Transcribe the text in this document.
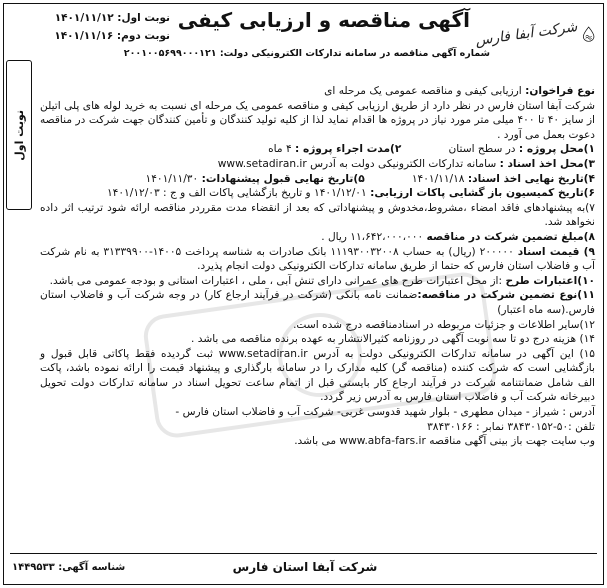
نوبت اول
شرکت آبفا فارس
آگهی مناقصه و ارزیابی کیفی
شماره آگهی مناقصه در سامانه تدارکات الکترونیکی دولت: ۲۰۰۱۰۰۵۶۹۹۰۰۰۱۲۱
نوبت اول: ۱۴۰۱/۱۱/۱۲
نوبت دوم: ۱۴۰۱/۱۱/۱۶

نوع فراخوان: ارزیابی کیفی و مناقصه عمومی یک مرحله ای

شرکت آبفا استان فارس در نظر دارد از طریق ارزیابی کیفی و مناقصه عمومی یک مرحله ای نسبت به خرید لوله های پلی اتیلن از سایز ۴۰ تا ۴۰۰ میلی متر مورد نیاز در پروژه ها اقدام نماید لذا از کلیه تولید کنندگان و تأمین کنندگان جهت شرکت در مناقصه دعوت بعمل می آورد .

۱)محل پروژه : در سطح استان              ۲)مدت اجراء پروژه : ۴ ماه

۳)محل اخذ اسناد : سامانه تدارکات الکترونیکی دولت به آدرس www.setadiran.ir

۴)تاریخ نهایی اخذ اسناد: ۱۴۰۱/۱۱/۱۸              ۵)تاریخ نهایی قبول پیشنهادات: ۱۴۰۱/۱۱/۳۰

۶)تاریخ کمیسیون باز گشایی پاکات ارزیابی: ۱۴۰۱/۱۲/۰۱ و تاریخ بازگشایی پاکات الف و ج : ۱۴۰۱/۱۲/۰۳

۷)به پیشنهادهای فاقد امضاء ،مشروط،مخدوش و پیشنهاداتی که بعد از انقضاء مدت مقرردر مناقصه ارائه شود ترتیب اثر داده نخواهد شد.

۸)مبلغ تضمین شرکت در مناقصه ۱۱،۶۴۲،۰۰۰،۰۰۰ ریال .

۹) قیمت اسناد ۲۰۰۰۰۰ (ریال) به حساب ۱۱۱۹۳۰۰۳۲۰۰۸ بانک صادرات به شناسه پرداخت ۱۴۰۰۵-۳۱۳۳۹۹۰۰ به نام شرکت آب و فاضلاب استان فارس که حتما از طریق سامانه تدارکات الکترونیکی دولت انجام پذیرد.

۱۰)اعتبارات طرح :از محل اعتبارات طرح های عمرانی دارای تنش آبی ، ملی ، اعتبارات استانی و بودجه عمومی می باشد.

۱۱)نوع تضمین شرکت در مناقصه:ضمانت نامه بانکی (شرکت در فرآیند ارجاع کار) در وجه شرکت آب و فاضلاب استان فارس.(سه ماه اعتبار)

۱۲)سایر اطلاعات و جزئیات مربوطه در اسنادمناقصه درج شده است.

۱۴) هزینه درج دو تا سه نوبت آگهی در روزنامه کثیرالانتشار به عهده برنده مناقصه می باشد .

۱۵) این آگهی در سامانه تدارکات الکترونیکی دولت به آدرس www.setadiran.ir ثبت گردیده فقط پاکاتی قابل قبول و بازگشایی است که شرکت کننده (مناقصه گر) کلیه مدارک را در سامانه بارگذاری و پیشنهاد قیمت را ارائه نموده باشد، پاکت الف شامل ضمانتنامه شرکت در فرآیند ارجاع کار بایستی قبل از اتمام ساعت تحویل اسناد در سامانه تدارکات دولت تحویل دبیرخانه شرکت آب و فاضلاب استان فارس به آدرس زیر گردد.

آدرس : شیراز - میدان مطهری - بلوار شهید قدوسی غربی- شرکت آب و فاضلاب استان فارس -

تلفن :۵۰-۳۸۴۳۰۱۵۲ نمابر : ۳۸۴۳۰۱۶۶

وب سایت جهت باز بینی آگهی مناقصه www.abfa-fars.ir می باشد.

شرکت آبفا استان فارس
شناسه آگهی: ۱۴۴۹۵۳۳
